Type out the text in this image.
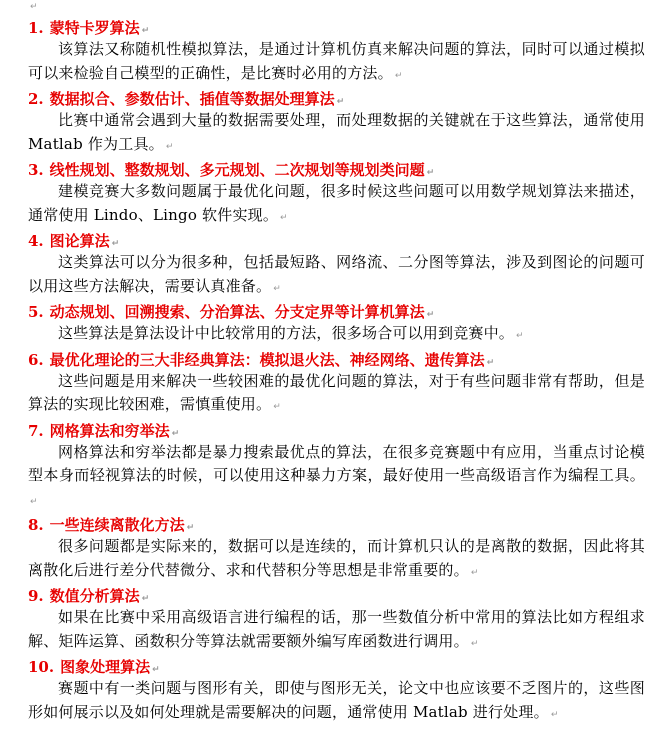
↵
1. 蒙特卡罗算法 ↵

该算法又称随机性模拟算法，是通过计算机仿真来解决问题的算法，同时可以通过模拟可以来检验自己模型的正确性，是比赛时必用的方法。 ↵

2. 数据拟合、参数估计、插值等数据处理算法 ↵

比赛中通常会遇到大量的数据需要处理，而处理数据的关键就在于这些算法，通常使用 Matlab 作为工具。 ↵

3. 线性规划、整数规划、多元规划、二次规划等规划类问题 ↵

建模竞赛大多数问题属于最优化问题，很多时候这些问题可以用数学规划算法来描述，通常使用 Lindo、Lingo 软件实现。 ↵

4. 图论算法 ↵

这类算法可以分为很多种，包括最短路、网络流、二分图等算法，涉及到图论的问题可以用这些方法解决，需要认真准备。 ↵

5. 动态规划、回溯搜索、分治算法、分支定界等计算机算法 ↵

这些算法是算法设计中比较常用的方法，很多场合可以用到竞赛中。 ↵

6. 最优化理论的三大非经典算法：模拟退火法、神经网络、遗传算法 ↵

这些问题是用来解决一些较困难的最优化问题的算法，对于有些问题非常有帮助，但是算法的实现比较困难，需慎重使用。 ↵

7. 网格算法和穷举法 ↵

网格算法和穷举法都是暴力搜索最优点的算法，在很多竞赛题中有应用，当重点讨论模型本身而轻视算法的时候，可以使用这种暴力方案，最好使用一些高级语言作为编程工具。↵

8. 一些连续离散化方法 ↵

很多问题都是实际来的，数据可以是连续的，而计算机只认的是离散的数据，因此将其离散化后进行差分代替微分、求和代替积分等思想是非常重要的。 ↵

9. 数值分析算法 ↵

如果在比赛中采用高级语言进行编程的话，那一些数值分析中常用的算法比如方程组求解、矩阵运算、函数积分等算法就需要额外编写库函数进行调用。 ↵

10. 图象处理算法 ↵

赛题中有一类问题与图形有关，即使与图形无关，论文中也应该要不乏图片的，这些图形如何展示以及如何处理就是需要解决的问题，通常使用 Matlab 进行处理。 ↵
